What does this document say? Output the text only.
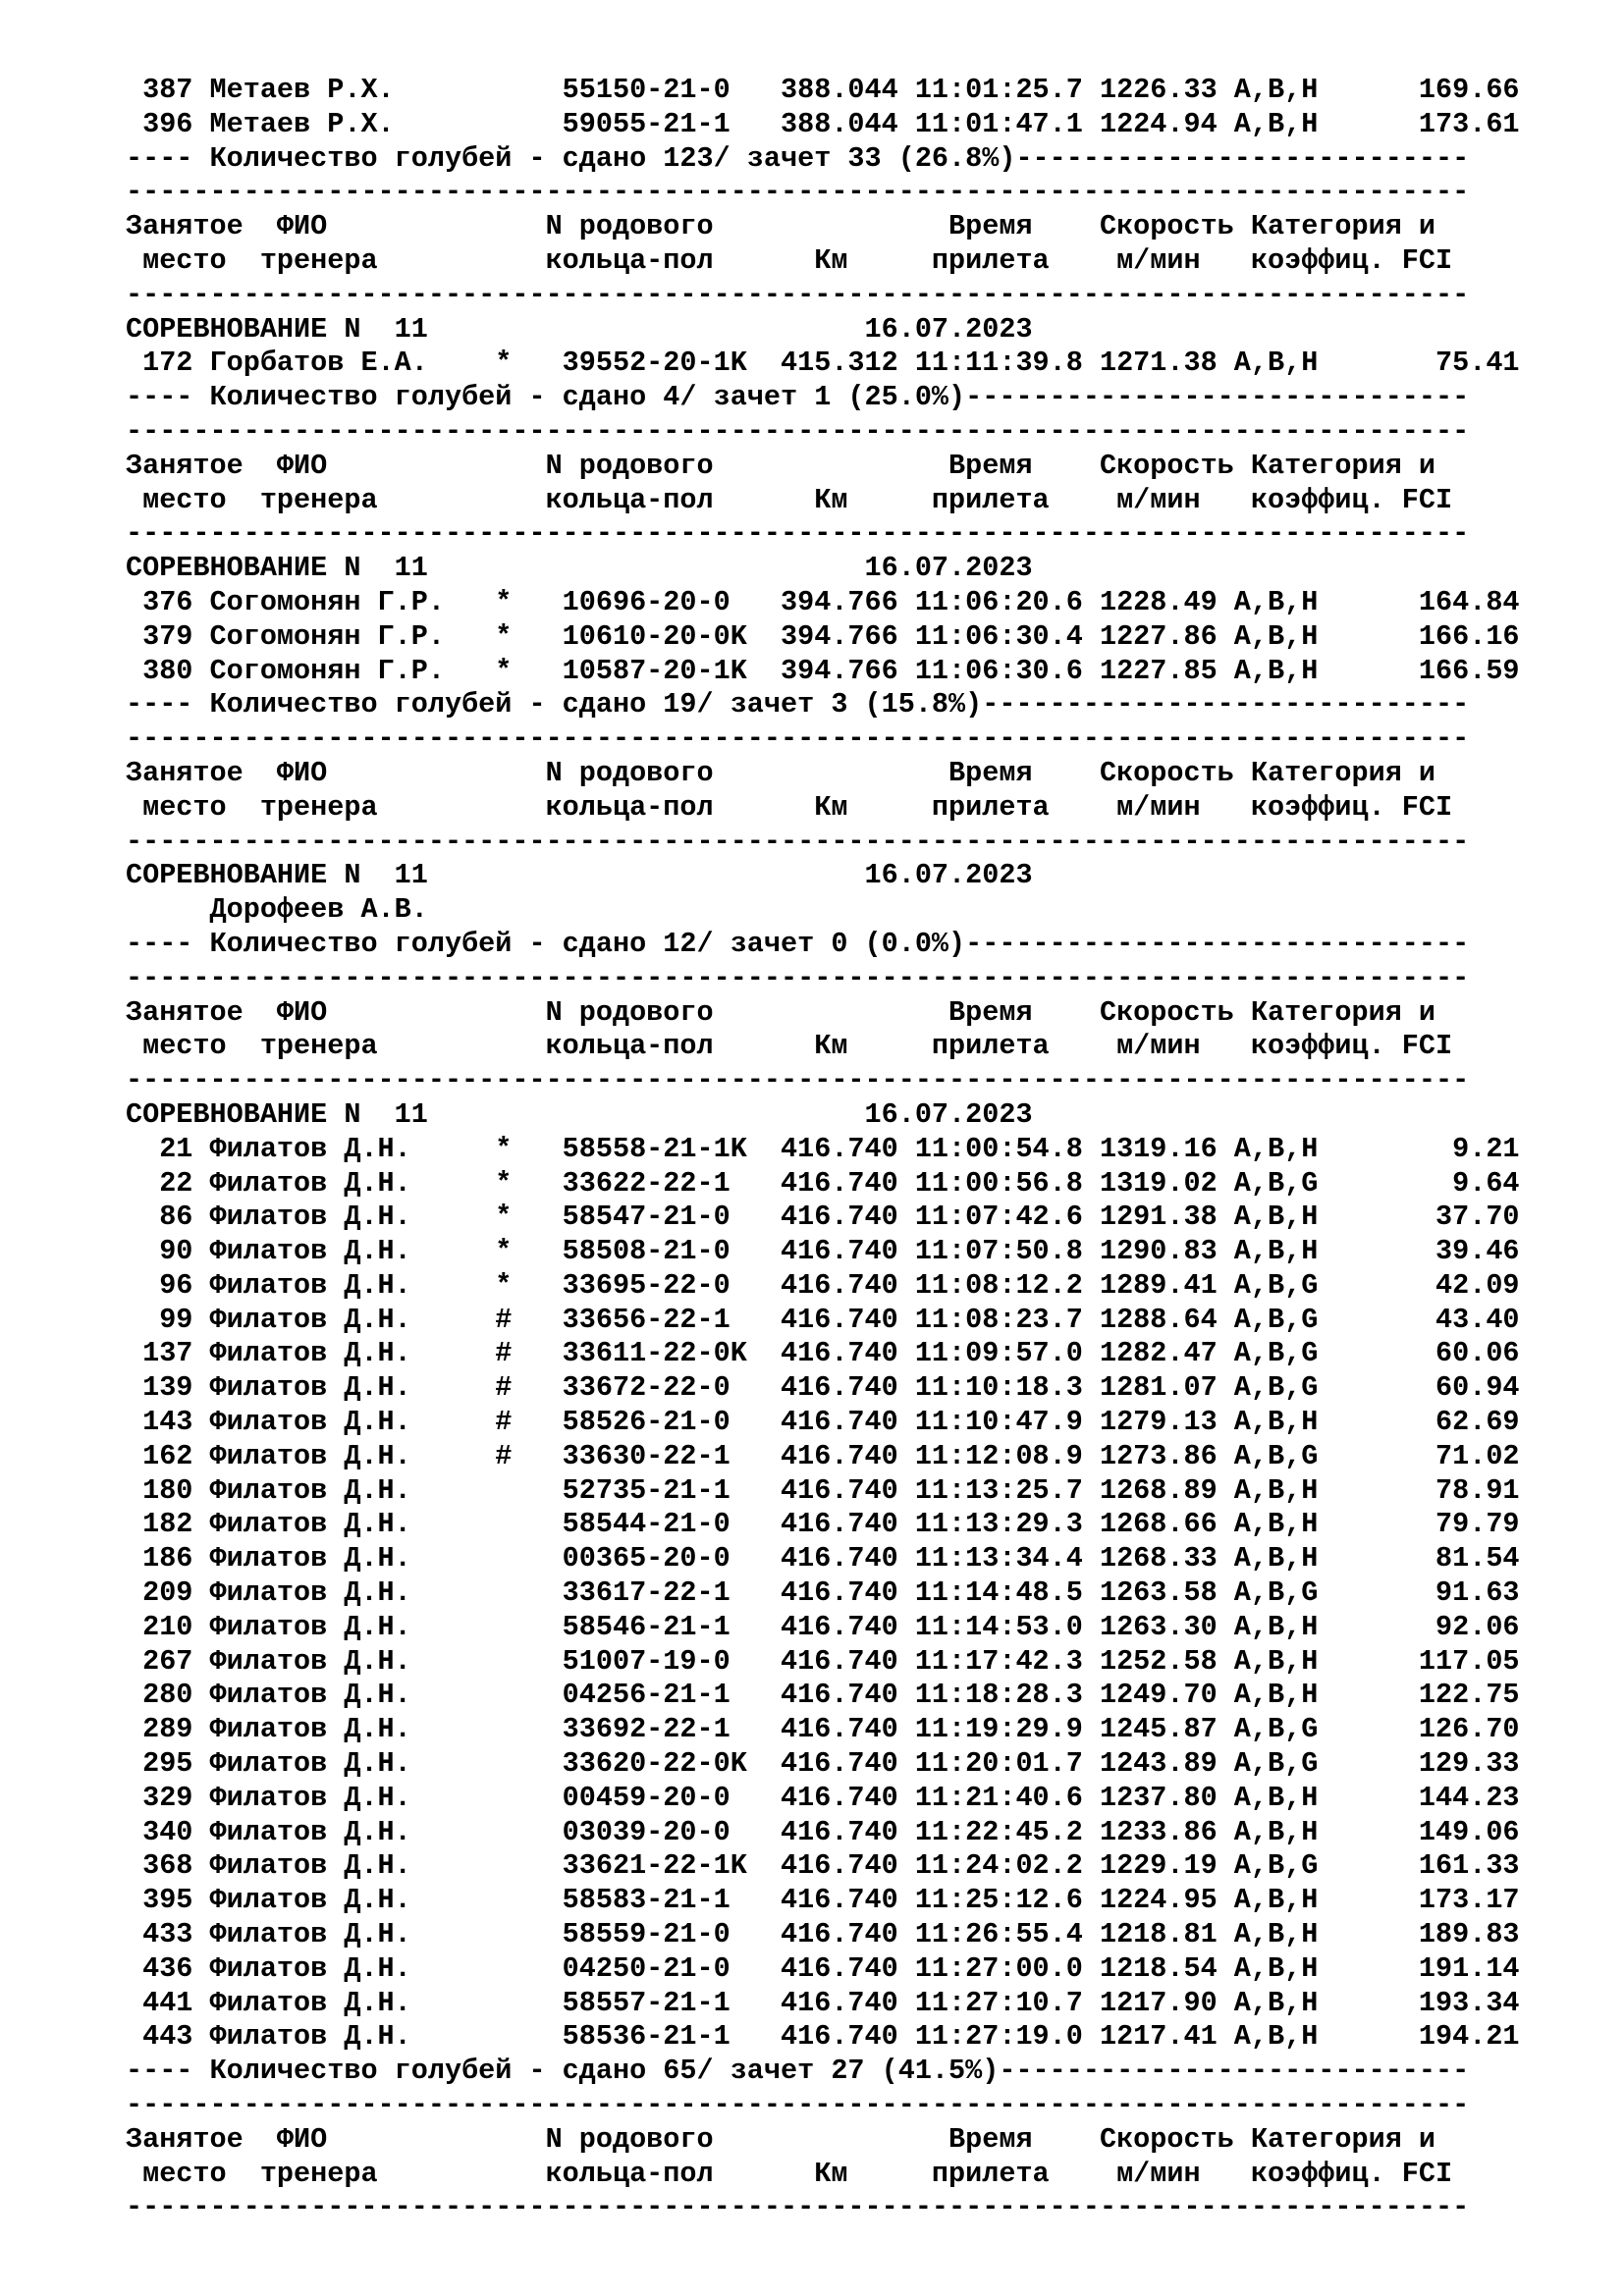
387 Метаев Р.Х.          55150-21-0   388.044 11:01:25.7 1226.33 A,B,H      169.66
396 Метаев Р.Х.          59055-21-1   388.044 11:01:47.1 1224.94 A,B,H      173.61
---- Количество голубей - сдано 123/ зачет 33 (26.8%)---------------------------
--------------------------------------------------------------------------------
Занятое  ФИО             N родового              Время    Скорость Категория и
место  тренера          кольца-пол      Км     прилета    м/мин   коэффиц. FCI
--------------------------------------------------------------------------------
СОРЕВНОВАНИЕ N  11                          16.07.2023
172 Горбатов Е.А.    *   39552-20-1K  415.312 11:11:39.8 1271.38 A,B,H       75.41
---- Количество голубей - сдано 4/ зачет 1 (25.0%)------------------------------
--------------------------------------------------------------------------------
Занятое  ФИО             N родового              Время    Скорость Категория и
место  тренера          кольца-пол      Км     прилета    м/мин   коэффиц. FCI
--------------------------------------------------------------------------------
СОРЕВНОВАНИЕ N  11                          16.07.2023
376 Согомонян Г.Р.   *   10696-20-0   394.766 11:06:20.6 1228.49 A,B,H      164.84
379 Согомонян Г.Р.   *   10610-20-0K  394.766 11:06:30.4 1227.86 A,B,H      166.16
380 Согомонян Г.Р.   *   10587-20-1K  394.766 11:06:30.6 1227.85 A,B,H      166.59
---- Количество голубей - сдано 19/ зачет 3 (15.8%)-----------------------------
--------------------------------------------------------------------------------
Занятое  ФИО             N родового              Время    Скорость Категория и
место  тренера          кольца-пол      Км     прилета    м/мин   коэффиц. FCI
--------------------------------------------------------------------------------
СОРЕВНОВАНИЕ N  11                          16.07.2023
Дорофеев А.В.
---- Количество голубей - сдано 12/ зачет 0 (0.0%)------------------------------
--------------------------------------------------------------------------------
Занятое  ФИО             N родового              Время    Скорость Категория и
место  тренера          кольца-пол      Км     прилета    м/мин   коэффиц. FCI
--------------------------------------------------------------------------------
СОРЕВНОВАНИЕ N  11                          16.07.2023
21 Филатов Д.Н.     *   58558-21-1K  416.740 11:00:54.8 1319.16 A,B,H        9.21
22 Филатов Д.Н.     *   33622-22-1   416.740 11:00:56.8 1319.02 A,B,G        9.64
86 Филатов Д.Н.     *   58547-21-0   416.740 11:07:42.6 1291.38 A,B,H       37.70
90 Филатов Д.Н.     *   58508-21-0   416.740 11:07:50.8 1290.83 A,B,H       39.46
96 Филатов Д.Н.     *   33695-22-0   416.740 11:08:12.2 1289.41 A,B,G       42.09
99 Филатов Д.Н.     #   33656-22-1   416.740 11:08:23.7 1288.64 A,B,G       43.40
137 Филатов Д.Н.     #   33611-22-0K  416.740 11:09:57.0 1282.47 A,B,G       60.06
139 Филатов Д.Н.     #   33672-22-0   416.740 11:10:18.3 1281.07 A,B,G       60.94
143 Филатов Д.Н.     #   58526-21-0   416.740 11:10:47.9 1279.13 A,B,H       62.69
162 Филатов Д.Н.     #   33630-22-1   416.740 11:12:08.9 1273.86 A,B,G       71.02
180 Филатов Д.Н.         52735-21-1   416.740 11:13:25.7 1268.89 A,B,H       78.91
182 Филатов Д.Н.         58544-21-0   416.740 11:13:29.3 1268.66 A,B,H       79.79
186 Филатов Д.Н.         00365-20-0   416.740 11:13:34.4 1268.33 A,B,H       81.54
209 Филатов Д.Н.         33617-22-1   416.740 11:14:48.5 1263.58 A,B,G       91.63
210 Филатов Д.Н.         58546-21-1   416.740 11:14:53.0 1263.30 A,B,H       92.06
267 Филатов Д.Н.         51007-19-0   416.740 11:17:42.3 1252.58 A,B,H      117.05
280 Филатов Д.Н.         04256-21-1   416.740 11:18:28.3 1249.70 A,B,H      122.75
289 Филатов Д.Н.         33692-22-1   416.740 11:19:29.9 1245.87 A,B,G      126.70
295 Филатов Д.Н.         33620-22-0K  416.740 11:20:01.7 1243.89 A,B,G      129.33
329 Филатов Д.Н.         00459-20-0   416.740 11:21:40.6 1237.80 A,B,H      144.23
340 Филатов Д.Н.         03039-20-0   416.740 11:22:45.2 1233.86 A,B,H      149.06
368 Филатов Д.Н.         33621-22-1K  416.740 11:24:02.2 1229.19 A,B,G      161.33
395 Филатов Д.Н.         58583-21-1   416.740 11:25:12.6 1224.95 A,B,H      173.17
433 Филатов Д.Н.         58559-21-0   416.740 11:26:55.4 1218.81 A,B,H      189.83
436 Филатов Д.Н.         04250-21-0   416.740 11:27:00.0 1218.54 A,B,H      191.14
441 Филатов Д.Н.         58557-21-1   416.740 11:27:10.7 1217.90 A,B,H      193.34
443 Филатов Д.Н.         58536-21-1   416.740 11:27:19.0 1217.41 A,B,H      194.21
---- Количество голубей - сдано 65/ зачет 27 (41.5%)----------------------------
--------------------------------------------------------------------------------
Занятое  ФИО             N родового              Время    Скорость Категория и
место  тренера          кольца-пол      Км     прилета    м/мин   коэффиц. FCI
--------------------------------------------------------------------------------
